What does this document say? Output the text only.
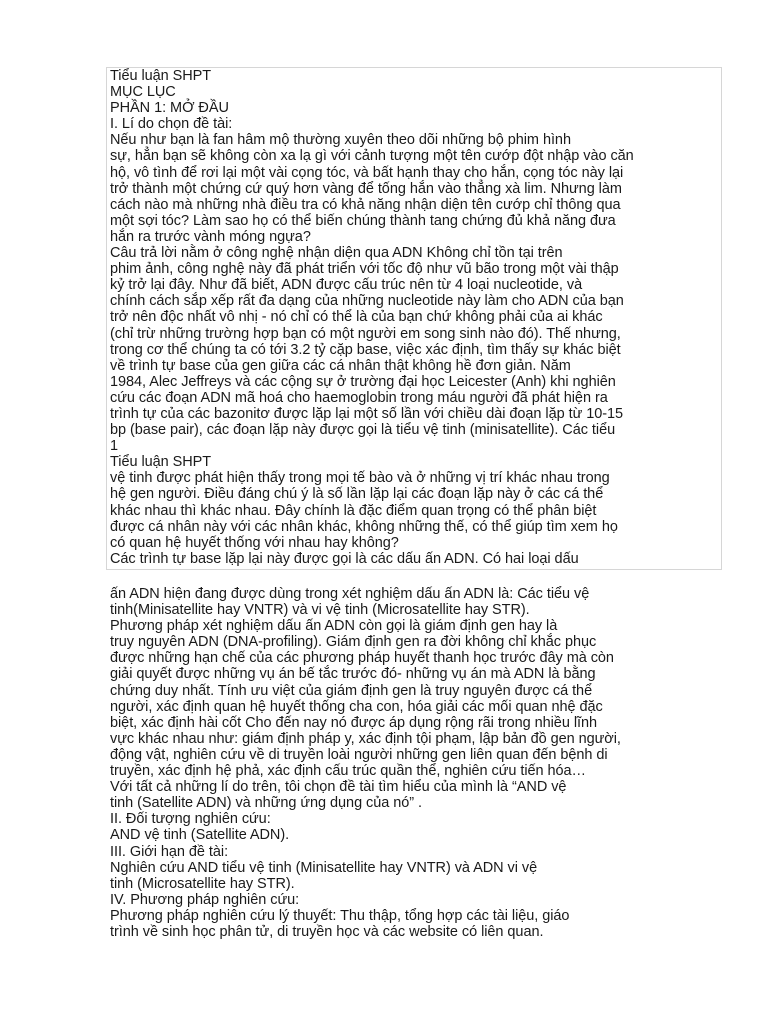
Tiểu luận SHPT
MỤC LỤC
PHẦN 1: MỞ ĐẦU
I. Lí do chọn đề tài:
Nếu như bạn là fan hâm mộ thường xuyên theo dõi những bộ phim hình
sự, hẳn bạn sẽ không còn xa lạ gì với cảnh tượng một tên cướp đột nhập vào căn
hộ, vô tình để rơi lại một vài cọng tóc, và bất hạnh thay cho hắn, cọng tóc này lại
trở thành một chứng cứ quý hơn vàng để tống hắn vào thẳng xà lim. Nhưng làm
cách nào mà những nhà điều tra có khả năng nhận diện tên cướp chỉ thông qua
một sợi tóc? Làm sao họ có thể biến chúng thành tang chứng đủ khả năng đưa
hắn ra trước vành móng ngựa?
Câu trả lời nằm ở công nghệ nhận diện qua ADN Không chỉ tồn tại trên
phim ảnh, công nghệ này đã phát triển với tốc độ như vũ bão trong một vài thập
kỷ trở lại đây. Như đã biết, ADN được cấu trúc nên từ 4 loại nucleotide, và
chính cách sắp xếp rất đa dạng của những nucleotide này làm cho ADN của bạn
trở nên độc nhất vô nhị - nó chỉ có thể là của bạn chứ không phải của ai khác
(chỉ trừ những trường hợp bạn có một người em song sinh nào đó). Thế nhưng,
trong cơ thể chúng ta có tới 3.2 tỷ cặp base, việc xác định, tìm thấy sự khác biệt
về trình tự base của gen giữa các cá nhân thật không hề đơn giản. Năm
1984, Alec Jeffreys và các cộng sự ở trường đại học Leicester (Anh) khi nghiên
cứu các đoạn ADN mã hoá cho haemoglobin trong máu người đã phát hiện ra
trình tự của các bazonitơ được lặp lại một số lần với chiều dài đoạn lặp từ 10-15
bp (base pair), các đoạn lặp này được gọi là tiểu vệ tinh (minisatellite). Các tiểu
1
Tiểu luận SHPT
vệ tinh được phát hiện thấy trong mọi tế bào và ở những vị trí khác nhau trong
hệ gen người. Điều đáng chú ý là số lần lặp lại các đoạn lặp này ở các cá thể
khác nhau thì khác nhau. Đây chính là đặc điểm quan trọng có thể phân biệt
được cá nhân này với các nhân khác, không những thế, có thể giúp tìm xem họ
có quan hệ huyết thống với nhau hay không?
Các trình tự base lặp lại này được gọi là các dấu ấn ADN. Có hai loại dấu
ấn ADN hiện đang được dùng trong xét nghiệm dấu ấn ADN là: Các tiểu vệ
tinh(Minisatellite hay VNTR) và vi vệ tinh (Microsatellite hay STR).
Phương pháp xét nghiệm dấu ấn ADN còn gọi là giám định gen hay là
truy nguyên ADN (DNA-profiling). Giám định gen ra đời không chỉ khắc phục
được những hạn chế của các phương pháp huyết thanh học trước đây mà còn
giải quyết được những vụ án bế tắc trước đó- những vụ án mà ADN là bằng
chứng duy nhất. Tính ưu việt của giám định gen là truy nguyên được cá thể
người, xác định quan hệ huyết thống cha con, hóa giải các mối quan nhệ đặc
biệt, xác định hài cốt Cho đến nay nó được áp dụng rộng rãi trong nhiều lĩnh
vực khác nhau như: giám định pháp y, xác định tội phạm, lập bản đồ gen người,
động vật, nghiên cứu về di truyền loài người những gen liên quan đến bệnh di
truyền, xác định hệ phả, xác định cấu trúc quần thể, nghiên cứu tiến hóa…
Với tất cả những lí do trên, tôi chọn đề tài tìm hiểu của mình là “AND vệ
tinh (Satellite ADN) và những ứng dụng của nó” .
II. Đối tượng nghiên cứu:
AND vệ tinh (Satellite ADN).
III. Giới hạn đề tài:
Nghiên cứu AND tiểu vệ tinh (Minisatellite hay VNTR) và ADN vi vệ
tinh (Microsatellite hay STR).
IV. Phương pháp nghiên cứu:
Phương pháp nghiên cứu lý thuyết: Thu thập, tổng hợp các tài liệu, giáo
trình về sinh học phân tử, di truyền học và các website có liên quan.
